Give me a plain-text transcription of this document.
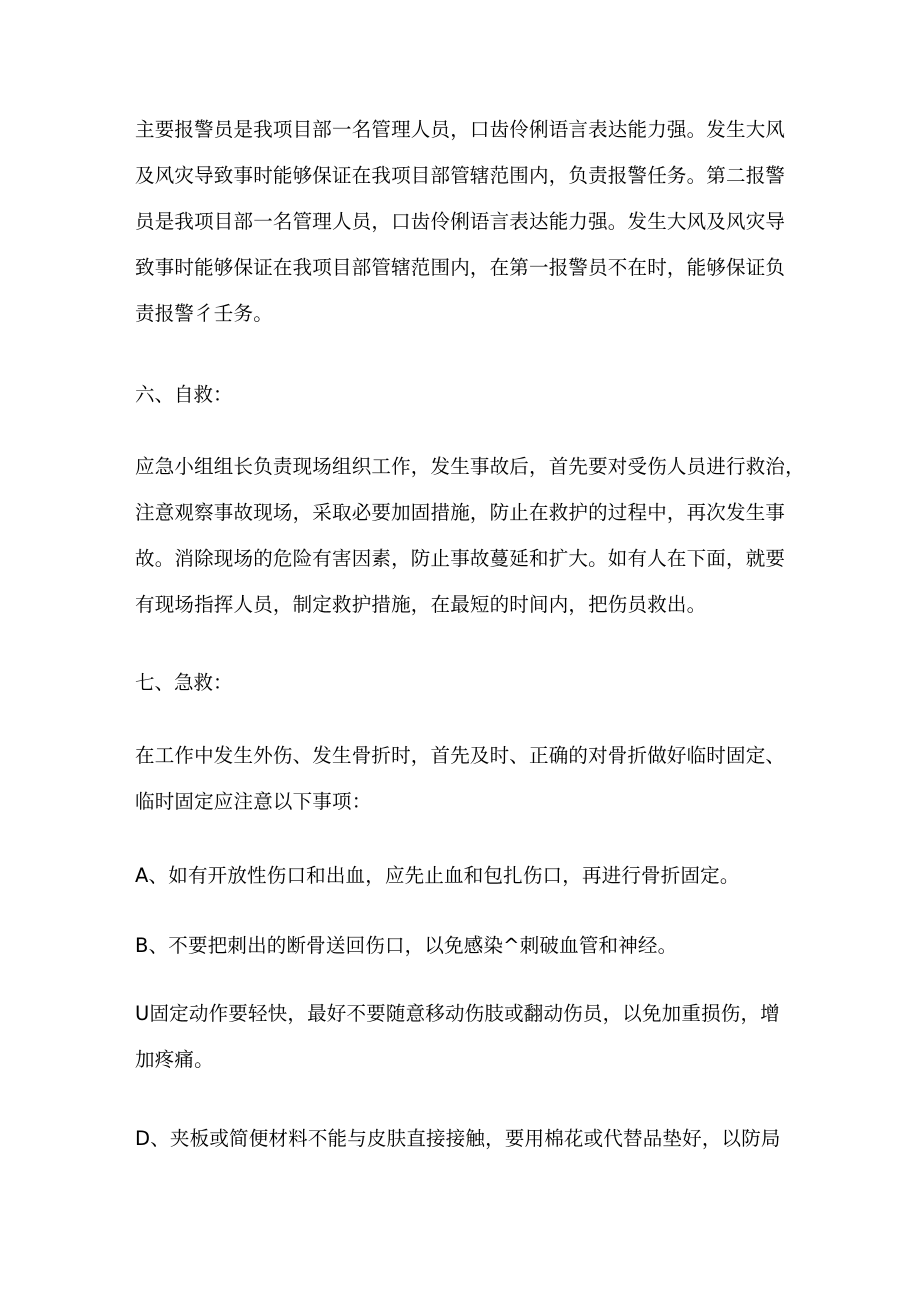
主要报警员是我项目部一名管理人员，口齿伶俐语言表达能力强。发生大风
及风灾导致事时能够保证在我项目部管辖范围内，负责报警任务。第二报警
员是我项目部一名管理人员，口齿伶俐语言表达能力强。发生大风及风灾导
致事时能够保证在我项目部管辖范围内，在第一报警员不在时，能够保证负
责报警彳壬务。

六、自救：

应急小组组长负责现场组织工作，发生事故后，首先要对受伤人员进行救治，
注意观察事故现场，采取必要加固措施，防止在救护的过程中，再次发生事
故。消除现场的危险有害因素，防止事故蔓延和扩大。如有人在下面，就要
有现场指挥人员，制定救护措施，在最短的时间内，把伤员救出。

七、急救：

在工作中发生外伤、发生骨折时，首先及时、正确的对骨折做好临时固定、
临时固定应注意以下事项：

A、如有开放性伤口和出血，应先止血和包扎伤口，再进行骨折固定。

B、不要把刺出的断骨送回伤口，以免感染^刺破血管和神经。

U固定动作要轻快，最好不要随意移动伤肢或翻动伤员，以免加重损伤，增
加疼痛。

D、夹板或简便材料不能与皮肤直接接触，要用棉花或代替品垫好，以防局
